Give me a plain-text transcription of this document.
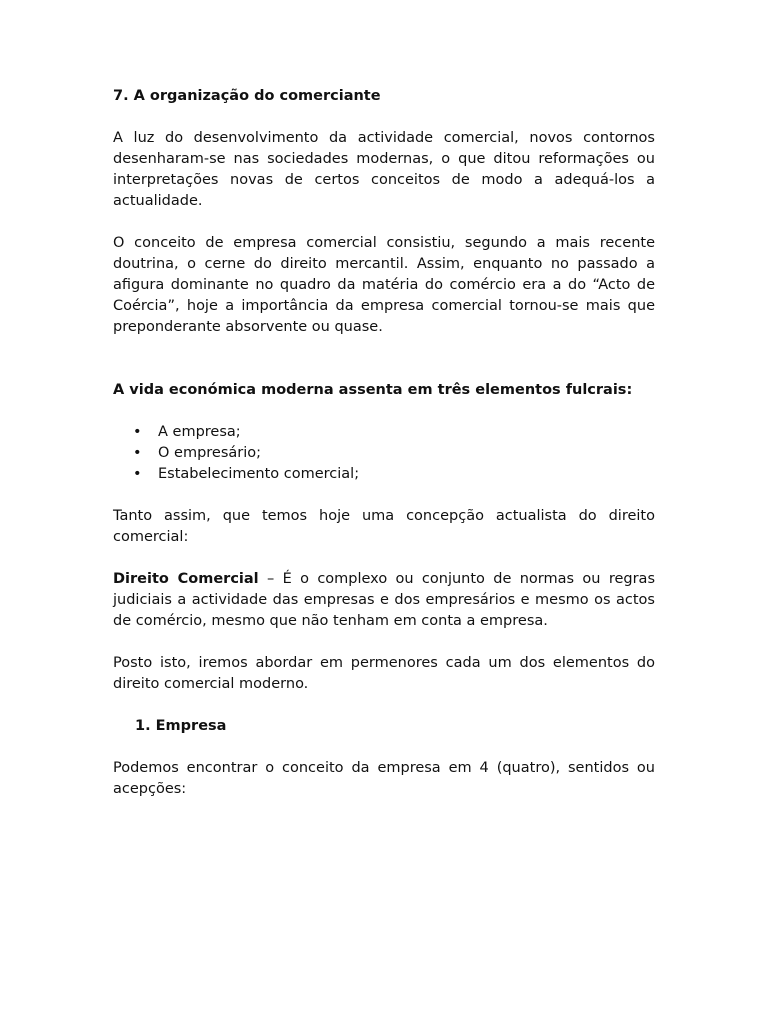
7. A organização do comerciante

A luz do desenvolvimento da actividade comercial, novos contornos desenharam-se nas sociedades modernas, o que ditou reformações ou interpretações novas de certos conceitos de modo a adequá-los a actualidade.

O conceito de empresa comercial consistiu, segundo a mais recente doutrina, o cerne do direito mercantil. Assim, enquanto no passado a afigura dominante no quadro da matéria do comércio era a do “Acto de Coércia”, hoje a importância da empresa comercial tornou-se mais que preponderante absorvente ou quase.

A vida económica moderna assenta em três elementos fulcrais:
• A empresa;
• O empresário;
• Estabelecimento comercial;

Tanto assim, que temos hoje uma concepção actualista do direito comercial:

Direito Comercial – É o complexo ou conjunto de normas ou regras judiciais a actividade das empresas e dos empresários e mesmo os actos de comércio, mesmo que não tenham em conta a empresa.

Posto isto, iremos abordar em permenores cada um dos elementos do direito comercial moderno.

1. Empresa

Podemos encontrar o conceito da empresa em 4 (quatro), sentidos ou acepções:
